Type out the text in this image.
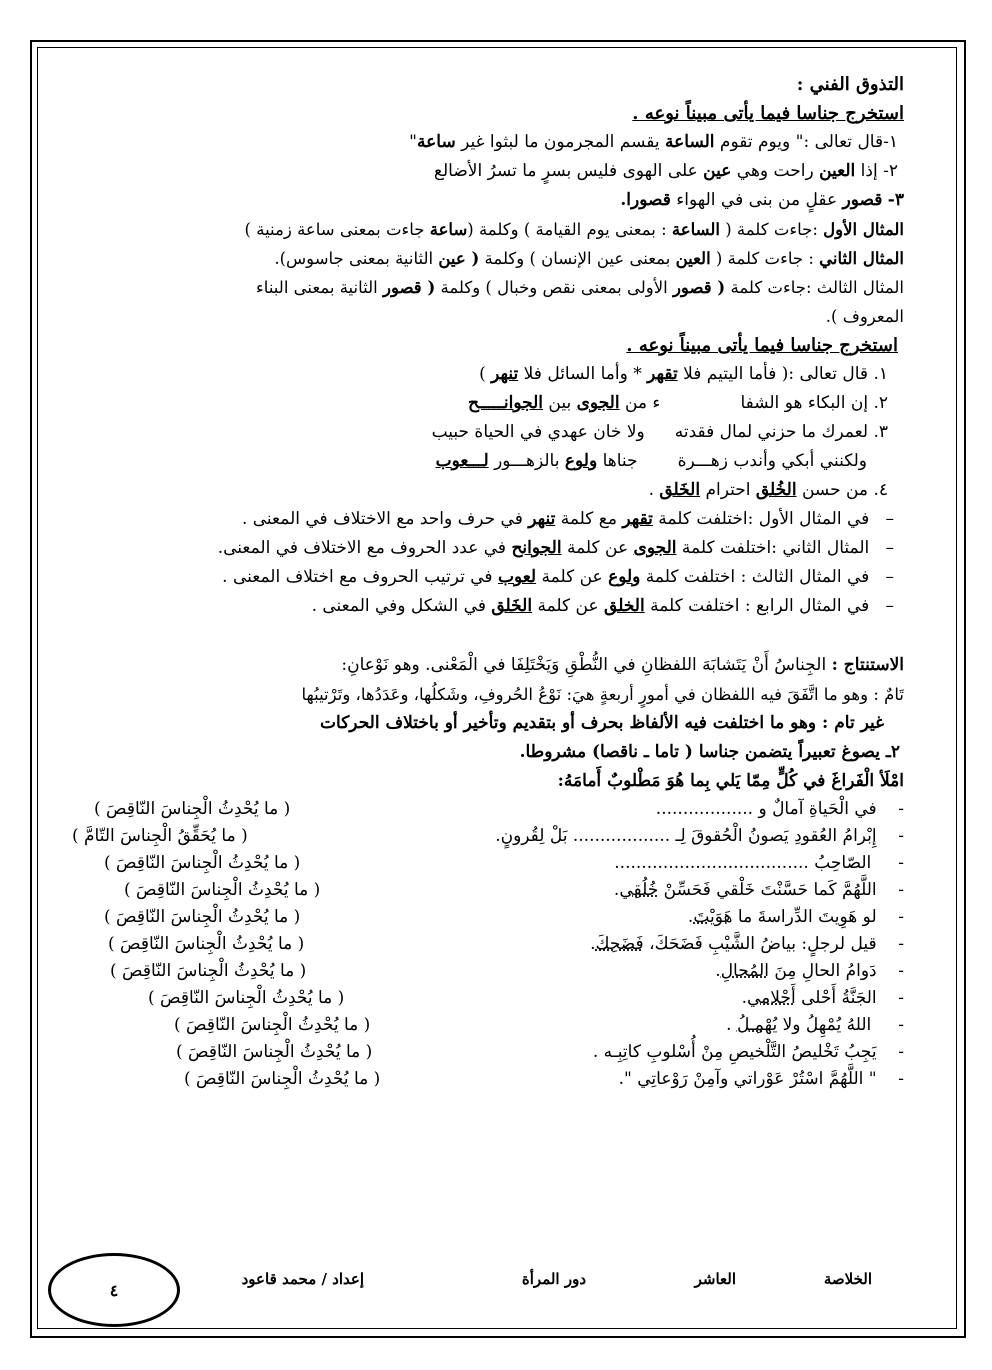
التذوق الفني :
استخرج جناسا فيما يأتى مبيناً نوعه .
١-قال تعالى :" ويوم تقوم الساعة يقسم المجرمون ما لبثوا غير ساعة"
٢- إذا العين راحت وهي عين على الهوى فليس بسرٍ ما تسرُ الأضالع
٣- قصور عقلٍ من بنى في الهواء قصورا.
المثال الأول :جاءت كلمة ( الساعة : بمعنى يوم القيامة ) وكلمة (ساعة جاءت بمعنى ساعة زمنية )
المثال الثاني : جاءت كلمة ( العين بمعنى عين الإنسان ) وكلمة ( عين الثانية بمعنى جاسوس).
المثال الثالث :جاءت كلمة ( قصور الأولى بمعنى نقص وخبال ) وكلمة ( قصور الثانية بمعنى البناء
المعروف ).
استخرج جناسا فيما يأتى مبيناً نوعه .
١. قال تعالى :( فأما اليتيم فلا تقهر * وأما السائل فلا تنهر )
٢. إن البكاء هو الشفاء من الجوى بين الجوانـــــح
٣. لعمرك ما حزني لمال فقدتهولا خان عهدي في الحياة حبيب
ولكنني أبكي وأندب زهـــرةجناها ولوع بالزهـــور لـــعوب
٤. من حسن الخُلق احترام الخَلق .
–   في المثال الأول :اختلفت كلمة تقهر مع كلمة تنهر في حرف واحد مع الاختلاف في المعنى .
–   المثال الثاني :اختلفت كلمة الجوى عن كلمة الجوانح في عدد الحروف مع الاختلاف في المعنى.
–   في المثال الثالث : اختلفت كلمة ولوع عن كلمة لعوب في ترتيب الحروف مع اختلاف المعنى .
–   في المثال الرابع : اختلفت كلمة الخلق عن كلمة الخَلق في الشكل وفي المعنى .
الاستنتاج : الجِناسُ أَنْ يَتَشابَهَ اللفظانِ في النُّطْقِ وَيَخْتَلِفَا في الْمَعْنى. وهو نَوْعانِ:
تَامٌ : وهو ما اتَّفَقَ فيه اللفظان في أمورٍ أربعةٍ هيَ: نَوْعُ الحُروفِ، وشَكلُها، وعَدَدُها، وتَرْتيبُها
غير تام : وهو ما اختلفت فيه الألفاظ بحرف أو بتقديم وتأخير أو باختلاف الحركات
٢ـ يصوغ تعبيراً يتضمن جناسا ( تاما ـ ناقصا) مشروطا.
امْلَأ الْفَراغَ في كُلٍّ مِمّا يَلي بِما هُوَ مَطْلوبٌ أَمامَهُ:
-    في الْحَياةِ آمالٌ و ..................
( ما يُحْدِثُ الْجِناسَ النّاقِصَ )
-    إِبْرامُ العُقودِ يَصونُ الْحُقوقَ لِـ .................. بَلْ لِقُرونٍ.
( ما يُحَقِّقُ الْجِناسَ التّامَّ )
-     الصّاحِبُ ....................................
( ما يُحْدِثُ الْجِناسَ النّاقِصَ )
-    اللَّهُمَّ كَما حَسَّنْتَ خَلْقي فَحَسِّنْ خُلُقِي.
( ما يُحْدِثُ الْجِناسَ النّاقِصَ )
-    لو هَوِيتَ الدِّراسةَ ما هَوَيْتَ.
( ما يُحْدِثُ الْجِناسَ النّاقِصَ )
-    قيل لرجلٍ: بياضُ الشَّيْبِ فَضَحَكَ، فَضَحِكَ.
( ما يُحْدِثُ الْجِناسَ النّاقِصَ )
-    دَوامُ الحالِ مِنَ المُحالِ.
( ما يُحْدِثُ الْجِناسَ النّاقِصَ )
-    الجَنَّةُ أَحْلى أَحْلامي.
( ما يُحْدِثُ الْجِناسَ النّاقِصَ )
-     اللهُ يُمْهِلُ ولا يُهْمِـلُ .
( ما يُحْدِثُ الْجِناسَ النّاقِصَ )
-    يَجِبُ تَخْليصُ التَّلْخيصِ مِنْ أُسْلوبِ كاتِبِـه .
( ما يُحْدِثُ الْجِناسَ النّاقِصَ )
-    " اللَّهُمَّ اسْتُرْ عَوْراتي وآمِنْ رَوْعاتِي ".
( ما يُحْدِثُ الْجِناسَ النّاقِصَ )
الخلاصة
العاشر
دور المرأة
إعداد / محمد قاعود
٤
